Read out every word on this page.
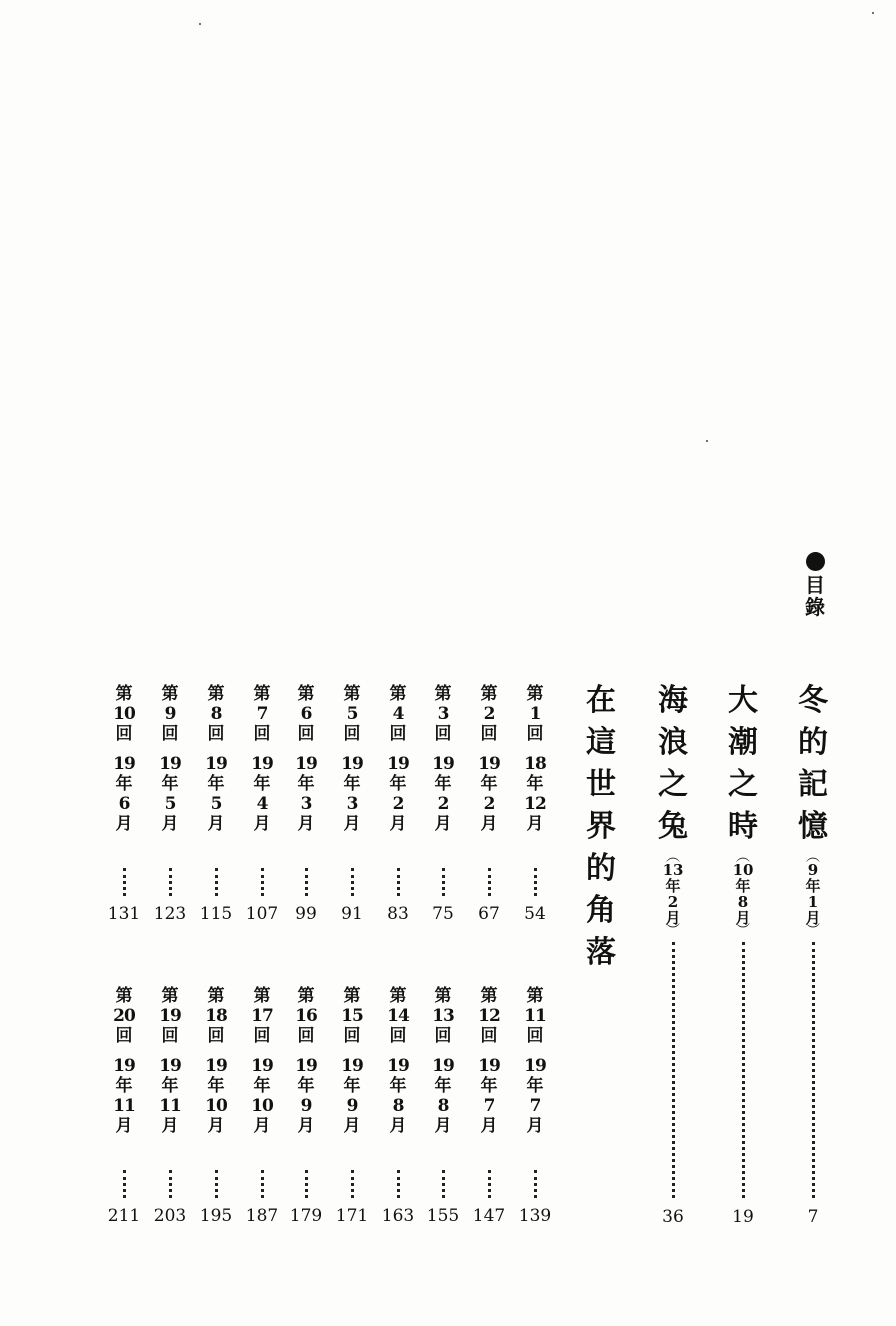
目
錄
冬
的
記
憶
︵
9
年
1
月
︶
7
大
潮
之
時
︵
10
年
8
月
︶
19
海
浪
之
兔
︵
13
年
2
月
︶
36
在
這
世
界
的
角
落
第
1
回
18
年
12
月
54
第
2
回
19
年
2
月
67
第
3
回
19
年
2
月
75
第
4
回
19
年
2
月
83
第
5
回
19
年
3
月
91
第
6
回
19
年
3
月
99
第
7
回
19
年
4
月
107
第
8
回
19
年
5
月
115
第
9
回
19
年
5
月
123
第
10
回
19
年
6
月
131
第
11
回
19
年
7
月
139
第
12
回
19
年
7
月
147
第
13
回
19
年
8
月
155
第
14
回
19
年
8
月
163
第
15
回
19
年
9
月
171
第
16
回
19
年
9
月
179
第
17
回
19
年
10
月
187
第
18
回
19
年
10
月
195
第
19
回
19
年
11
月
203
第
20
回
19
年
11
月
211
